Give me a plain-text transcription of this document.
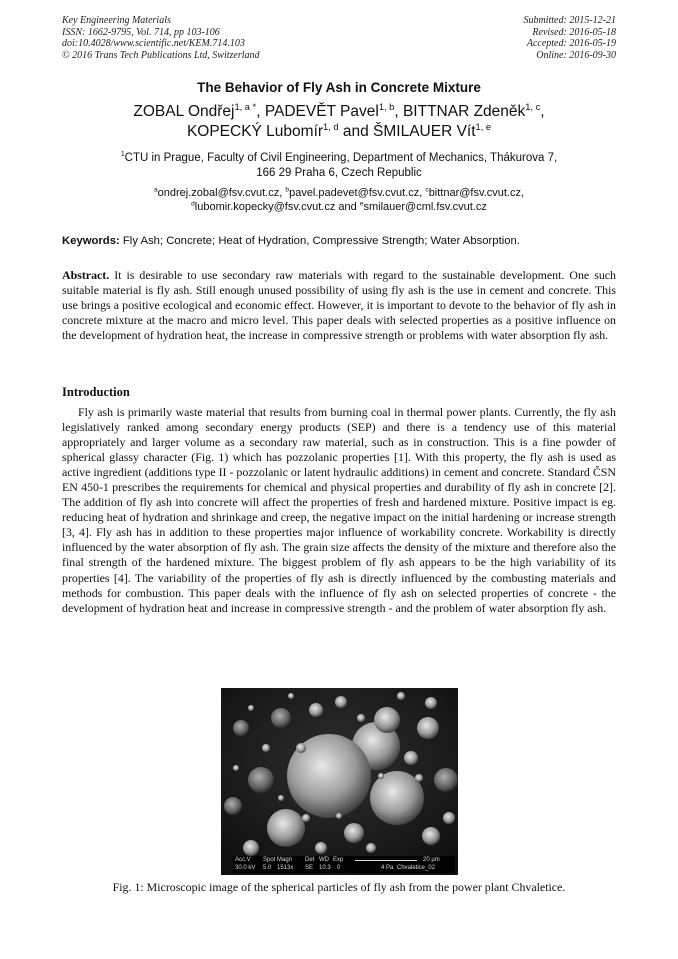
Key Engineering Materials
ISSN: 1662-9795, Vol. 714, pp 103-106
doi:10.4028/www.scientific.net/KEM.714.103
© 2016 Trans Tech Publications Ltd, Switzerland
Submitted: 2015-12-21
Revised: 2016-05-18
Accepted: 2016-05-19
Online: 2016-09-30
The Behavior of Fly Ash in Concrete Mixture
ZOBAL Ondřej$^{1, a *}$, PADEVĚT Pavel$^{1, b}$, BITTNAR Zdeněk$^{1, c}$,
KOPECKÝ Lubomír$^{1, d}$ and ŠMILAUER Vít$^{1, e}$
$^1$CTU in Prague, Faculty of Civil Engineering, Department of Mechanics, Thákurova 7,
166 29 Praha 6, Czech Republic
$^a$ondrej.zobal@fsv.cvut.cz, $^b$pavel.padevet@fsv.cvut.cz, $^c$bittnar@fsv.cvut.cz,
$^d$lubomir.kopecky@fsv.cvut.cz and $^e$smilauer@cml.fsv.cvut.cz
Keywords: Fly Ash; Concrete; Heat of Hydration, Compressive Strength; Water Absorption.
Abstract. It is desirable to use secondary raw materials with regard to the sustainable development. One such suitable material is fly ash. Still enough unused possibility of using fly ash is the use in cement and concrete. This use brings a positive ecological and economic effect. However, it is important to devote to the behavior of fly ash in concrete mixture at the macro and micro level. This paper deals with selected properties as a positive influence on the development of hydration heat, the increase in compressive strength or problems with water absorption fly ash.
Introduction
Fly ash is primarily waste material that results from burning coal in thermal power plants. Currently, the fly ash legislatively ranked among secondary energy products (SEP) and there is a tendency use of this material appropriately and larger volume as a secondary raw material, such as in construction. This is a fine powder of spherical glassy character (Fig. 1) which has pozzolanic properties [1]. With this property, the fly ash is used as active ingredient (additions type II - pozzolanic or latent hydraulic additions) in cement and concrete. Standard ČSN EN 450-1 prescribes the requirements for chemical and physical properties and durability of fly ash in concrete [2]. The addition of fly ash into concrete will affect the properties of fresh and hardened mixture. Positive impact is eg. reducing heat of hydration and shrinkage and creep, the negative impact on the initial hardening or increase strength [3, 4]. Fly ash has in addition to these properties major influence of workability concrete. Workability is directly influenced by the water absorption of fly ash. The grain size affects the density of the mixture and therefore also the final strength of the hardened mixture. The biggest problem of fly ash appears to be the high variability of its properties [4]. The variability of the properties of fly ash is directly influenced by the combusting materials and methods for combustion. This paper deals with the influence of fly ash on selected properties of concrete - the development of hydration heat and increase in compressive strength - and the problem of water absorption fly ash.
Acc.V Spot Magn Det WD Exp	20 µm
30.0 kV 5.0 1513x SE 10.3 0	4 Pa Chvaletice_02
Fig. 1: Microscopic image of the spherical particles of fly ash from the power plant Chvaletice.
